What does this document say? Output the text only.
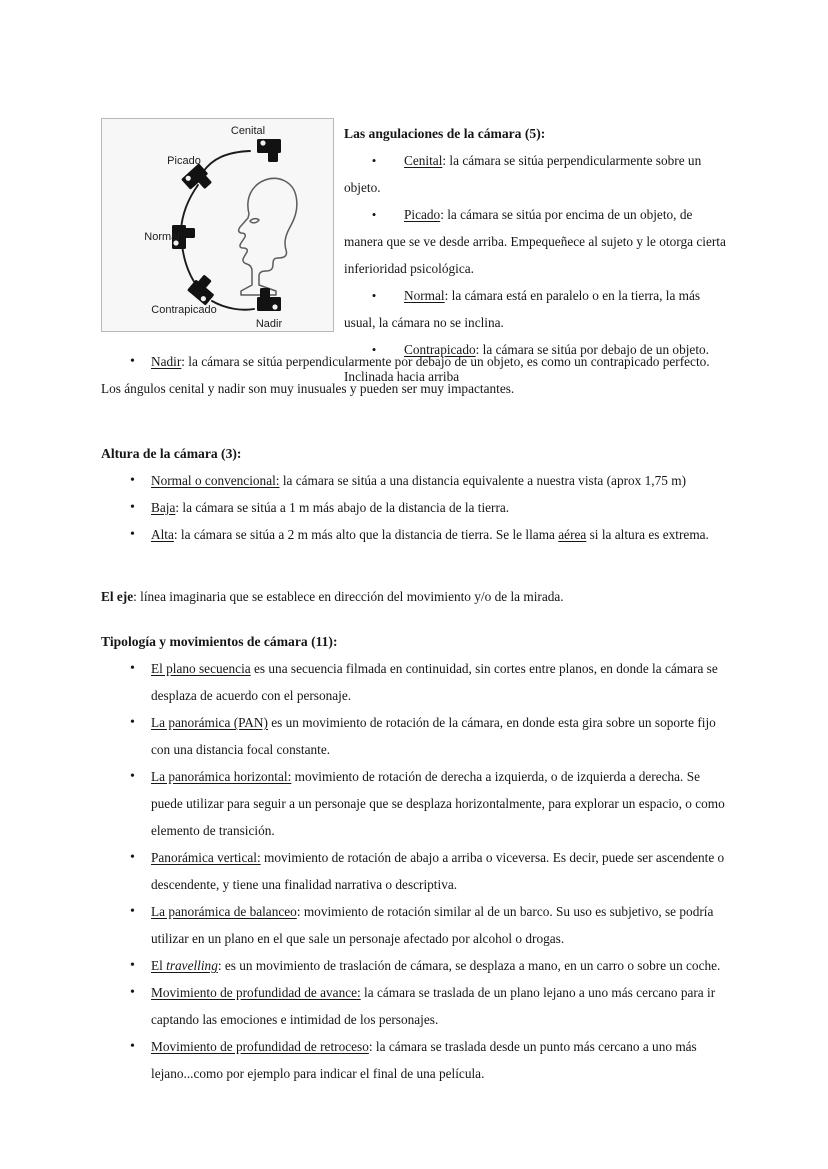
Cenital
Picado
Normal
Contrapicado
Nadir

Las angulaciones de la cámara (5):

• Cenital: la cámara se sitúa perpendicularmente sobre un objeto.

• Picado: la cámara se sitúa por encima de un objeto, de manera que se ve desde arriba. Empequeñece al sujeto y le otorga cierta inferioridad psicológica.

• Normal: la cámara está en paralelo o en la tierra, la más usual, la cámara no se inclina.

• Contrapicado: la cámara se sitúa por debajo de un objeto. Inclinada hacia arriba

• Nadir: la cámara se sitúa perpendicularmente por debajo de un objeto, es como un contrapicado perfecto.

Los ángulos cenital y nadir son muy inusuales y pueden ser muy impactantes.

Altura de la cámara (3):

• Normal o convencional: la cámara se sitúa a una distancia equivalente a nuestra vista (aprox 1,75 m)
• Baja: la cámara se sitúa a 1 m más abajo de la distancia de la tierra.
• Alta: la cámara se sitúa a 2 m más alto que la distancia de tierra. Se le llama aérea si la altura es extrema.

El eje: línea imaginaria que se establece en dirección del movimiento y/o de la mirada.

Tipología y movimientos de cámara (11):

• El plano secuencia es una secuencia filmada en continuidad, sin cortes entre planos, en donde la cámara se desplaza de acuerdo con el personaje.
• La panorámica (PAN) es un movimiento de rotación de la cámara, en donde esta gira sobre un soporte fijo con una distancia focal constante.
• La panorámica horizontal: movimiento de rotación de derecha a izquierda, o de izquierda a derecha. Se puede utilizar para seguir a un personaje que se desplaza horizontalmente, para explorar un espacio, o como elemento de transición.
• Panorámica vertical: movimiento de rotación de abajo a arriba o viceversa. Es decir, puede ser ascendente o descendente, y tiene una finalidad narrativa o descriptiva.
• La panorámica de balanceo: movimiento de rotación similar al de un barco. Su uso es subjetivo, se podría utilizar en un plano en el que sale un personaje afectado por alcohol o drogas.
• El travelling: es un movimiento de traslación de cámara, se desplaza a mano, en un carro o sobre un coche.
• Movimiento de profundidad de avance: la cámara se traslada de un plano lejano a uno más cercano para ir captando las emociones e intimidad de los personajes.
• Movimiento de profundidad de retroceso: la cámara se traslada desde un punto más cercano a uno más lejano...como por ejemplo para indicar el final de una película.
